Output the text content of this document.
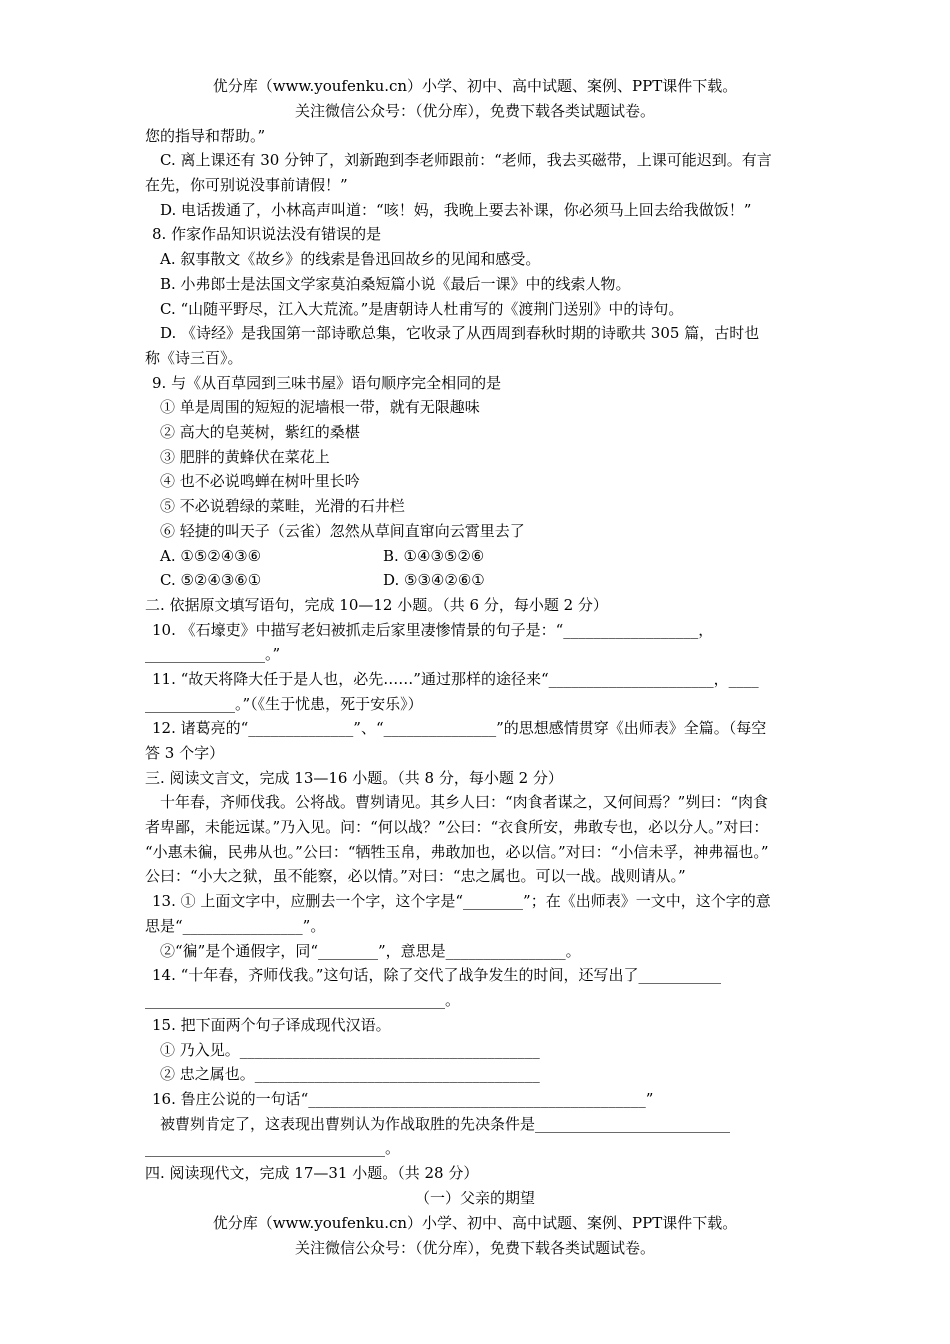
优分库（www.youfenku.cn）小学、初中、高中试题、案例、PPT课件下载。
关注微信公众号：（优分库），免费下载各类试题试卷。
您的指导和帮助。”
C. 离上课还有 30 分钟了，刘新跑到李老师跟前：“老师，我去买磁带，上课可能迟到。有言
在先，你可别说没事前请假！”
D. 电话拨通了，小林高声叫道：“咳！妈，我晚上要去补课，你必须马上回去给我做饭！”
8. 作家作品知识说法没有错误的是
A. 叙事散文《故乡》的线索是鲁迅回故乡的见闻和感受。
B. 小弗郎士是法国文学家莫泊桑短篇小说《最后一课》中的线索人物。
C. “山随平野尽，江入大荒流。”是唐朝诗人杜甫写的《渡荆门送别》中的诗句。
D. 《诗经》是我国第一部诗歌总集，它收录了从西周到春秋时期的诗歌共 305 篇，古时也
称《诗三百》。
9. 与《从百草园到三味书屋》语句顺序完全相同的是
① 单是周围的短短的泥墙根一带，就有无限趣味
② 高大的皂荚树，紫红的桑椹
③ 肥胖的黄蜂伏在菜花上
④ 也不必说鸣蝉在树叶里长吟
⑤ 不必说碧绿的菜畦，光滑的石井栏
⑥ 轻捷的叫天子（云雀）忽然从草间直窜向云霄里去了
A. ①⑤②④③⑥	B. ①④③⑤②⑥
C. ⑤②④③⑥①	D. ⑤③④②⑥①
二. 依据原文填写语句，完成 10—12 小题。（共 6 分，每小题 2 分）
10. 《石壕吏》中描写老妇被抓走后家里凄惨情景的句子是：“__________________，
________________。”
11. “故天将降大任于是人也，必先……”通过那样的途径来“______________________，____
____________。”（《生于忧患，死于安乐》）
12. 诸葛亮的“______________”、“_______________”的思想感情贯穿《出师表》全篇。（每空
答 3 个字）
三. 阅读文言文，完成 13—16 小题。（共 8 分，每小题 2 分）
十年春，齐师伐我。公将战。曹刿请见。其乡人曰：“肉食者谋之，又何间焉？”刿曰：“肉食
者卑鄙，未能远谋。”乃入见。问：“何以战？”公曰：“衣食所安，弗敢专也，必以分人。”对曰：
“小惠未徧，民弗从也。”公曰：“牺牲玉帛，弗敢加也，必以信。”对曰：“小信未孚，神弗福也。”
公曰：“小大之狱，虽不能察，必以情。”对曰：“忠之属也。可以一战。战则请从。”
13. ① 上面文字中，应删去一个字，这个字是“________”；在《出师表》一文中，这个字的意
思是“________________”。
②“徧”是个通假字，同“________”，意思是________________。
14. “十年春，齐师伐我。”这句话，除了交代了战争发生的时间，还写出了___________
________________________________________。
15. 把下面两个句子译成现代汉语。
① 乃入见。________________________________________
② 忠之属也。______________________________________
16. 鲁庄公说的一句话“_____________________________________________”
被曹刿肯定了，这表现出曹刿认为作战取胜的先决条件是__________________________
________________________________。
四. 阅读现代文，完成 17—31 小题。（共 28 分）
（一）父亲的期望
优分库（www.youfenku.cn）小学、初中、高中试题、案例、PPT课件下载。
关注微信公众号：（优分库），免费下载各类试题试卷。
